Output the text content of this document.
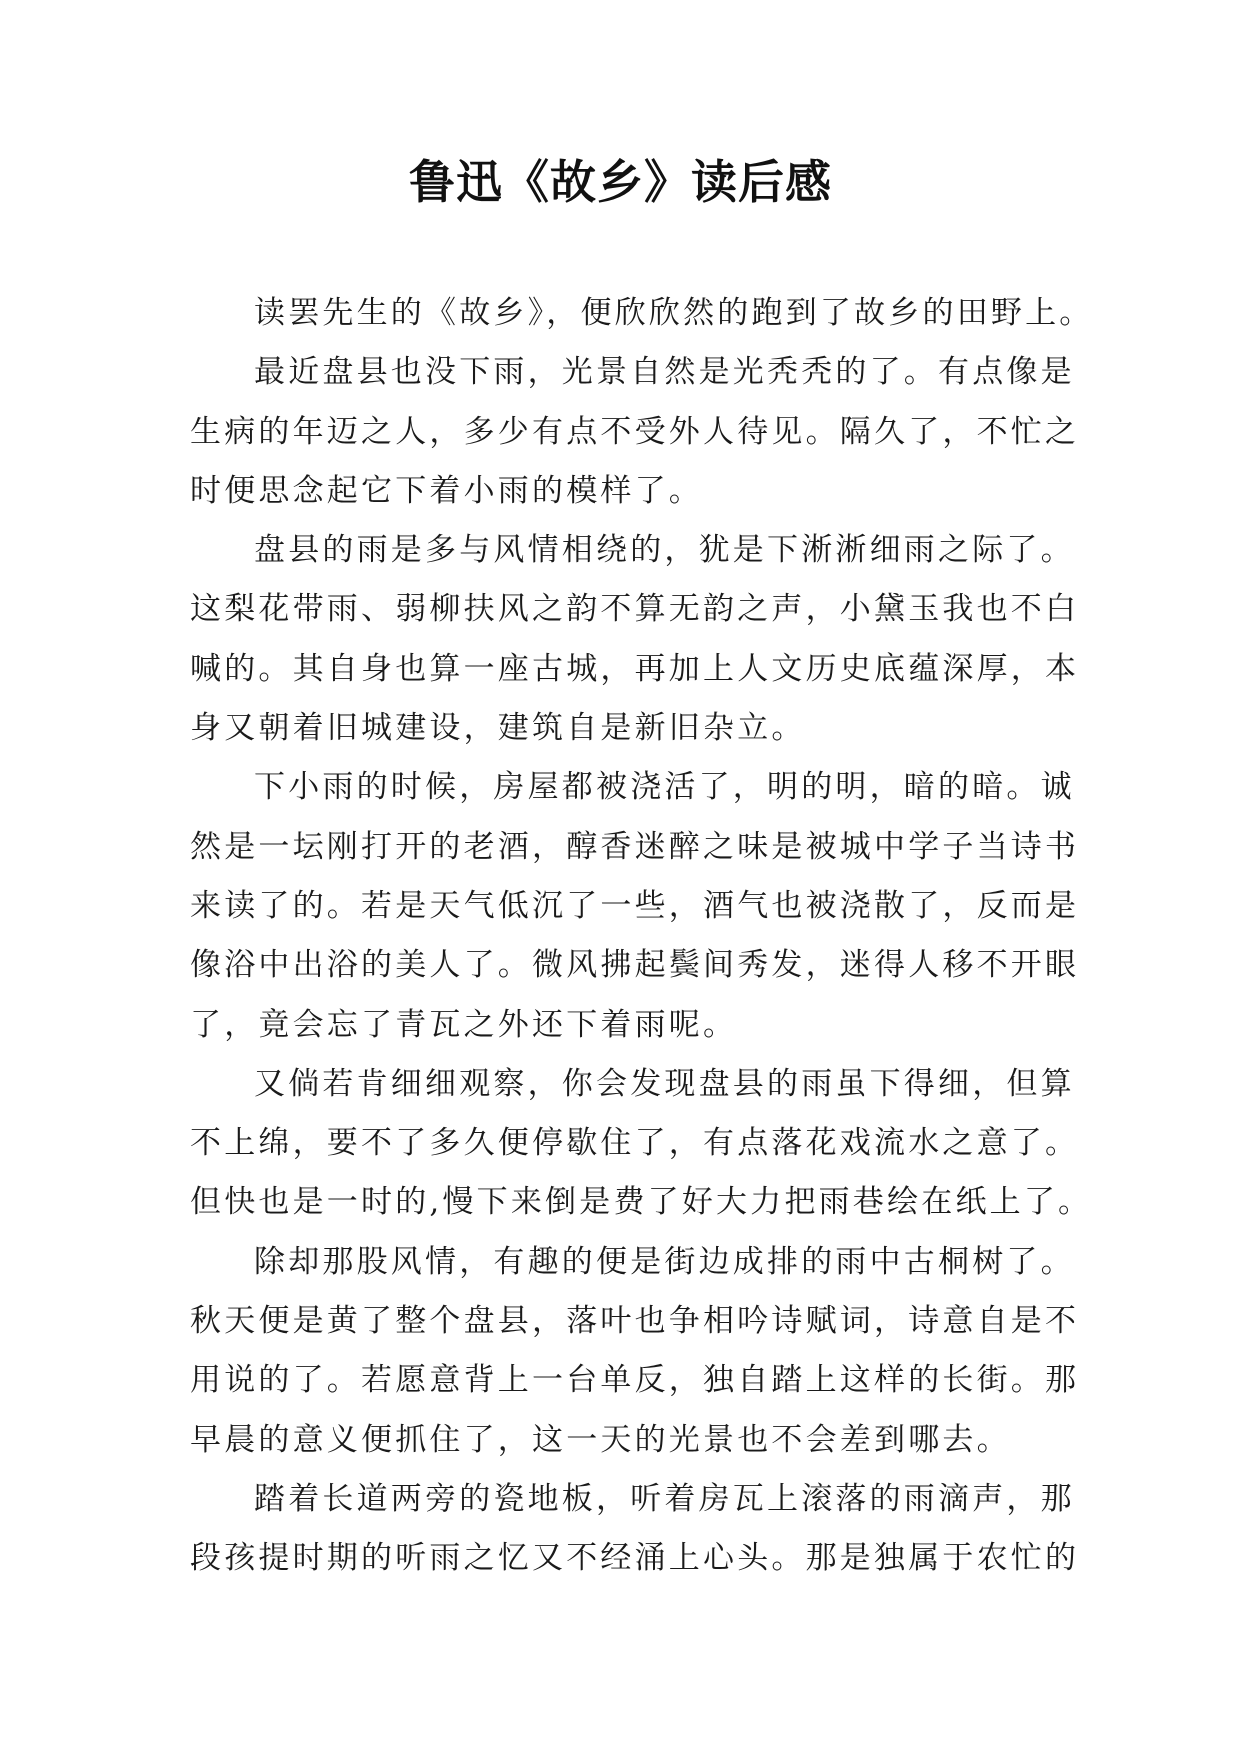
鲁迅《故乡》读后感
读罢先生的《故乡》，便欣欣然的跑到了故乡的田野上。
最近盘县也没下雨，光景自然是光秃秃的了。有点像是
生病的年迈之人，多少有点不受外人待见。隔久了，不忙之
时便思念起它下着小雨的模样了。
盘县的雨是多与风情相绕的，犹是下淅淅细雨之际了。
这梨花带雨、弱柳扶风之韵不算无韵之声，小黛玉我也不白
喊的。其自身也算一座古城，再加上人文历史底蕴深厚，本
身又朝着旧城建设，建筑自是新旧杂立。
下小雨的时候，房屋都被浇活了，明的明，暗的暗。诚
然是一坛刚打开的老酒，醇香迷醉之味是被城中学子当诗书
来读了的。若是天气低沉了一些，酒气也被浇散了，反而是
像浴中出浴的美人了。微风拂起鬓间秀发，迷得人移不开眼
了，竟会忘了青瓦之外还下着雨呢。
又倘若肯细细观察，你会发现盘县的雨虽下得细，但算
不上绵，要不了多久便停歇住了，有点落花戏流水之意了。
但快也是一时的,慢下来倒是费了好大力把雨巷绘在纸上了。
除却那股风情，有趣的便是街边成排的雨中古桐树了。
秋天便是黄了整个盘县，落叶也争相吟诗赋词，诗意自是不
用说的了。若愿意背上一台单反，独自踏上这样的长街。那
早晨的意义便抓住了，这一天的光景也不会差到哪去。
踏着长道两旁的瓷地板，听着房瓦上滚落的雨滴声，那
段孩提时期的听雨之忆又不经涌上心头。那是独属于农忙的
